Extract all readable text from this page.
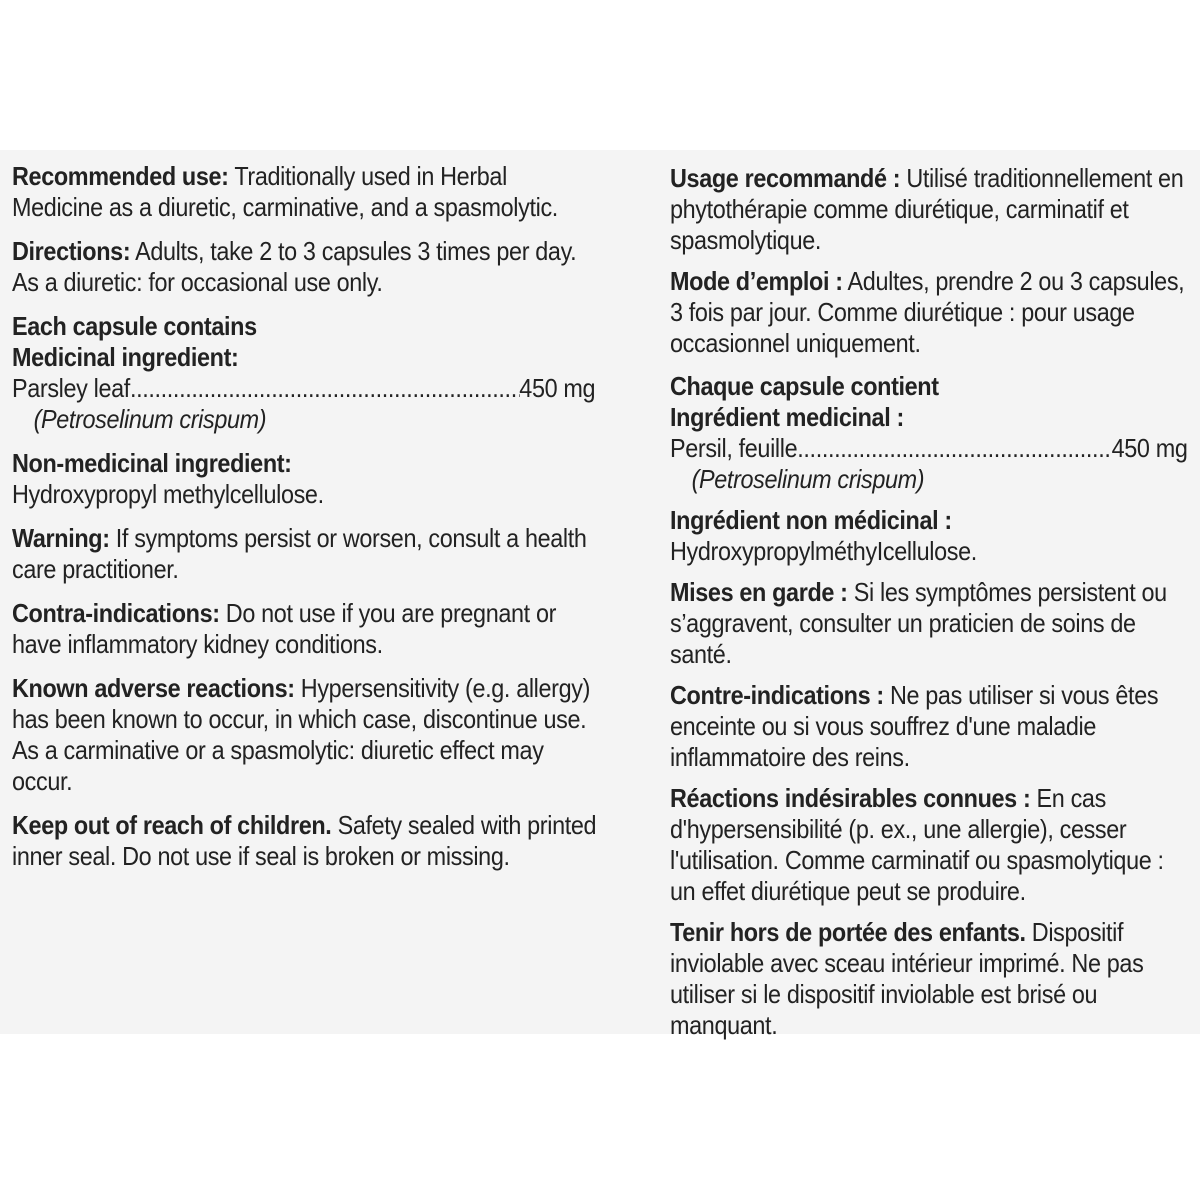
Recommended use: Traditionally used in Herbal Medicine as a diuretic, carminative, and a spasmolytic.

Directions: Adults, take 2 to 3 capsules 3 times per day. As a diuretic: for occasional use only.

Each capsule contains
Medicinal ingredient:
Parsley leaf .....	450 mg
(Petroselinum crispum)
Non-medicinal ingredient:
Hydroxypropyl methylcellulose.

Warning: If symptoms persist or worsen, consult a health care practitioner.

Contra-indications: Do not use if you are pregnant or have inflammatory kidney conditions.

Known adverse reactions: Hypersensitivity (e.g. allergy) has been known to occur, in which case, discontinue use. As a carminative or a spasmolytic: diuretic effect may occur.

Keep out of reach of children. Safety sealed with printed inner seal. Do not use if seal is broken or missing.

Usage recommandé : Utilisé traditionnellement en phytothérapie comme diurétique, carminatif et spasmolytique.

Mode d’emploi : Adultes, prendre 2 ou 3 capsules, 3 fois par jour. Comme diurétique : pour usage occasionnel uniquement.

Chaque capsule contient
Ingrédient medicinal :
Persil, feuille .....	450 mg
(Petroselinum crispum)
Ingrédient non médicinal :
HydroxypropylméthyIcellulose.

Mises en garde : Si les symptômes persistent ou s’aggravent, consulter un praticien de soins de santé.

Contre-indications : Ne pas utiliser si vous êtes enceinte ou si vous souffrez d'une maladie inflammatoire des reins.

Réactions indésirables connues : En cas d'hypersensibilité (p. ex., une allergie), cesser l'utilisation. Comme carminatif ou spasmolytique : un effet diurétique peut se produire.

Tenir hors de portée des enfants. Dispositif inviolable avec sceau intérieur imprimé. Ne pas utiliser si le dispositif inviolable est brisé ou manquant.
